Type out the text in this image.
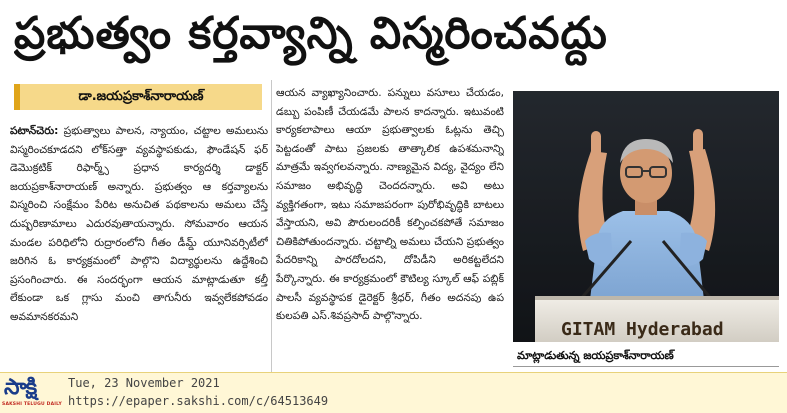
ప్రభుత్వం కర్తవ్యాన్ని విస్మరించవద్దు
డా.జయప్రకాశ్‌నారాయణ్
పటాన్‌చెరు: ప్రభుత్వాలు పాలన, న్యాయం, చట్టాల అమలును విస్మరించకూడదని లోక్‌సత్తా వ్యవస్థాపకుడు, ఫౌండేషన్ ఫర్ డెమొక్రటిక్ రిఫార్మ్స్ ప్రధాన కార్యదర్శి డాక్టర్ జయప్రకాశ్‌నారాయణ్ అన్నారు. ప్రభుత్వం ఆ కర్తవ్యాలను విస్మరించి సంక్షేమం పేరిట అనుచిత పథకాలను అమలు చేస్తే దుష్పరిణామాలు ఎదురవుతాయన్నారు. సోమవారం ఆయన మండల పరిధిలోని రుద్రారంలోని గీతం డీమ్డ్ యూనివర్సిటీలో జరిగిన ఓ కార్యక్రమంలో పాల్గొని విద్యార్థులను ఉద్దేశించి ప్రసంగించారు. ఈ సందర్భంగా ఆయన మాట్లాడుతూ కల్తీ లేకుండా ఒక గ్లాసు మంచి తాగునీరు ఇవ్వలేకపోవడం అవమానకరమని
ఆయన వ్యాఖ్యానించారు. పన్నులు వసూలు చేయడం, డబ్బు పంపిణీ చేయడమే పాలన కాదన్నారు. ఇటువంటి కార్యకలాపాలు ఆయా ప్రభుత్వాలకు ఓట్లను తెచ్చి పెట్టడంతో పాటు ప్రజలకు తాత్కాలిక ఉపశమనాన్ని మాత్రమే ఇవ్వగలవన్నారు. నాణ్యమైన విద్య, వైద్యం లేని సమాజం అభివృద్ధి చెందదన్నారు. అవి అటు వ్యక్తిగతంగా, ఇటు సమాజపరంగా పురోభివృద్ధికి బాటలు వేస్తాయని, అవి పౌరులందరికీ కల్పించకపోతే సమాజం చితికిపోతుందన్నారు. చట్టాల్ని అమలు చేయని ప్రభుత్వం పేదరికాన్ని పారదోలదని, దోపిడీని అరికట్టలేదని పేర్కొన్నారు. ఈ కార్యక్రమంలో కౌటిల్య స్కూల్ ఆఫ్ పబ్లిక్ పాలసీ వ్యవస్థాపక డైరెక్టర్ శ్రీధర్, గీతం అదనపు ఉప కులపతి ఎస్.శివప్రసాద్ పాల్గొన్నారు.
GITAM Hyderabad
మాట్లాడుతున్న జయప్రకాశ్‌నారాయణ్
సాక్షి
SAKSHI TELUGU DAILY
Tue, 23 November 2021
https://epaper.sakshi.com/c/64513649
